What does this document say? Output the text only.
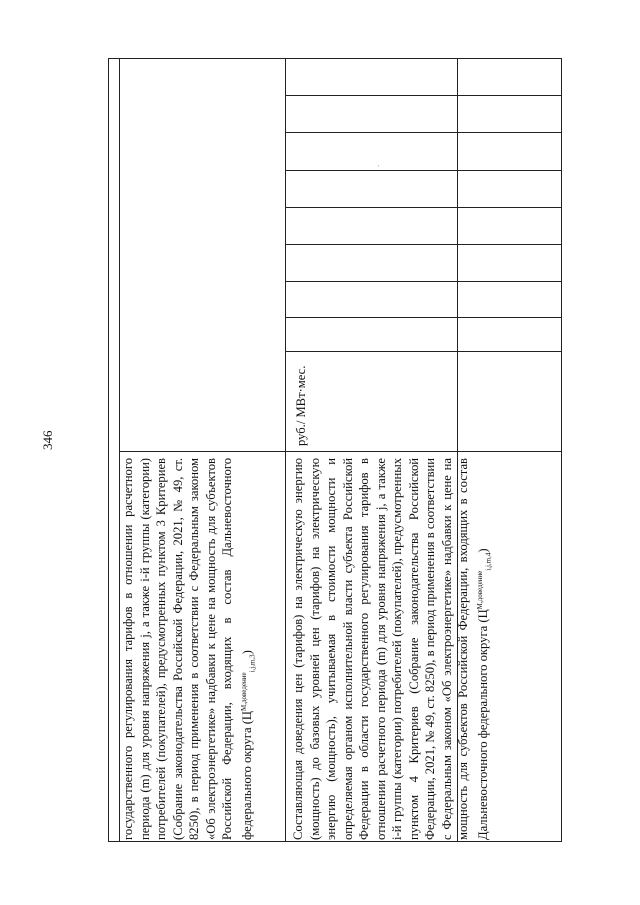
346
.
государственного регулирования тарифов в отношении расчетного периода (m) для уровня напряжения j, а также i-й группы (категории) потребителей (покупателей), предусмотренных пунктом 3 Критериев (Собрание законодательства Российской Федерации, 2021, № 49, ст. 8250), в период применения в соответствии с Федеральным законом «Об электроэнергетике» надбавки к цене на мощность для субъектов Российской Федерации, входящих в состав Дальневосточного федерального округа $(Ц^{М,доведение}_{i,j,m,3})$	Составляющая доведения цен (тарифов) на электрическую энергию (мощность) до базовых уровней цен (тарифов) на электрическую энергию (мощность), учитываемая в стоимости мощности и определяемая органом исполнительной власти субъекта Российской Федерации в области государственного регулирования тарифов в отношении расчетного периода (m) для уровня напряжения j, а также i-й группы (категории) потребителей (покупателей), предусмотренных пунктом 4 Критериев (Собрание законодательства Российской Федерации, 2021, № 49, ст. 8250), в период применения в соответствии с Федеральным законом «Об электроэнергетике» надбавки к цене на мощность для субъектов Российской Федерации, входящих в состав Дальневосточного федерального округа $(Ц^{М,доведение}_{i,j,m,4})$
руб./ МВт·мес.
